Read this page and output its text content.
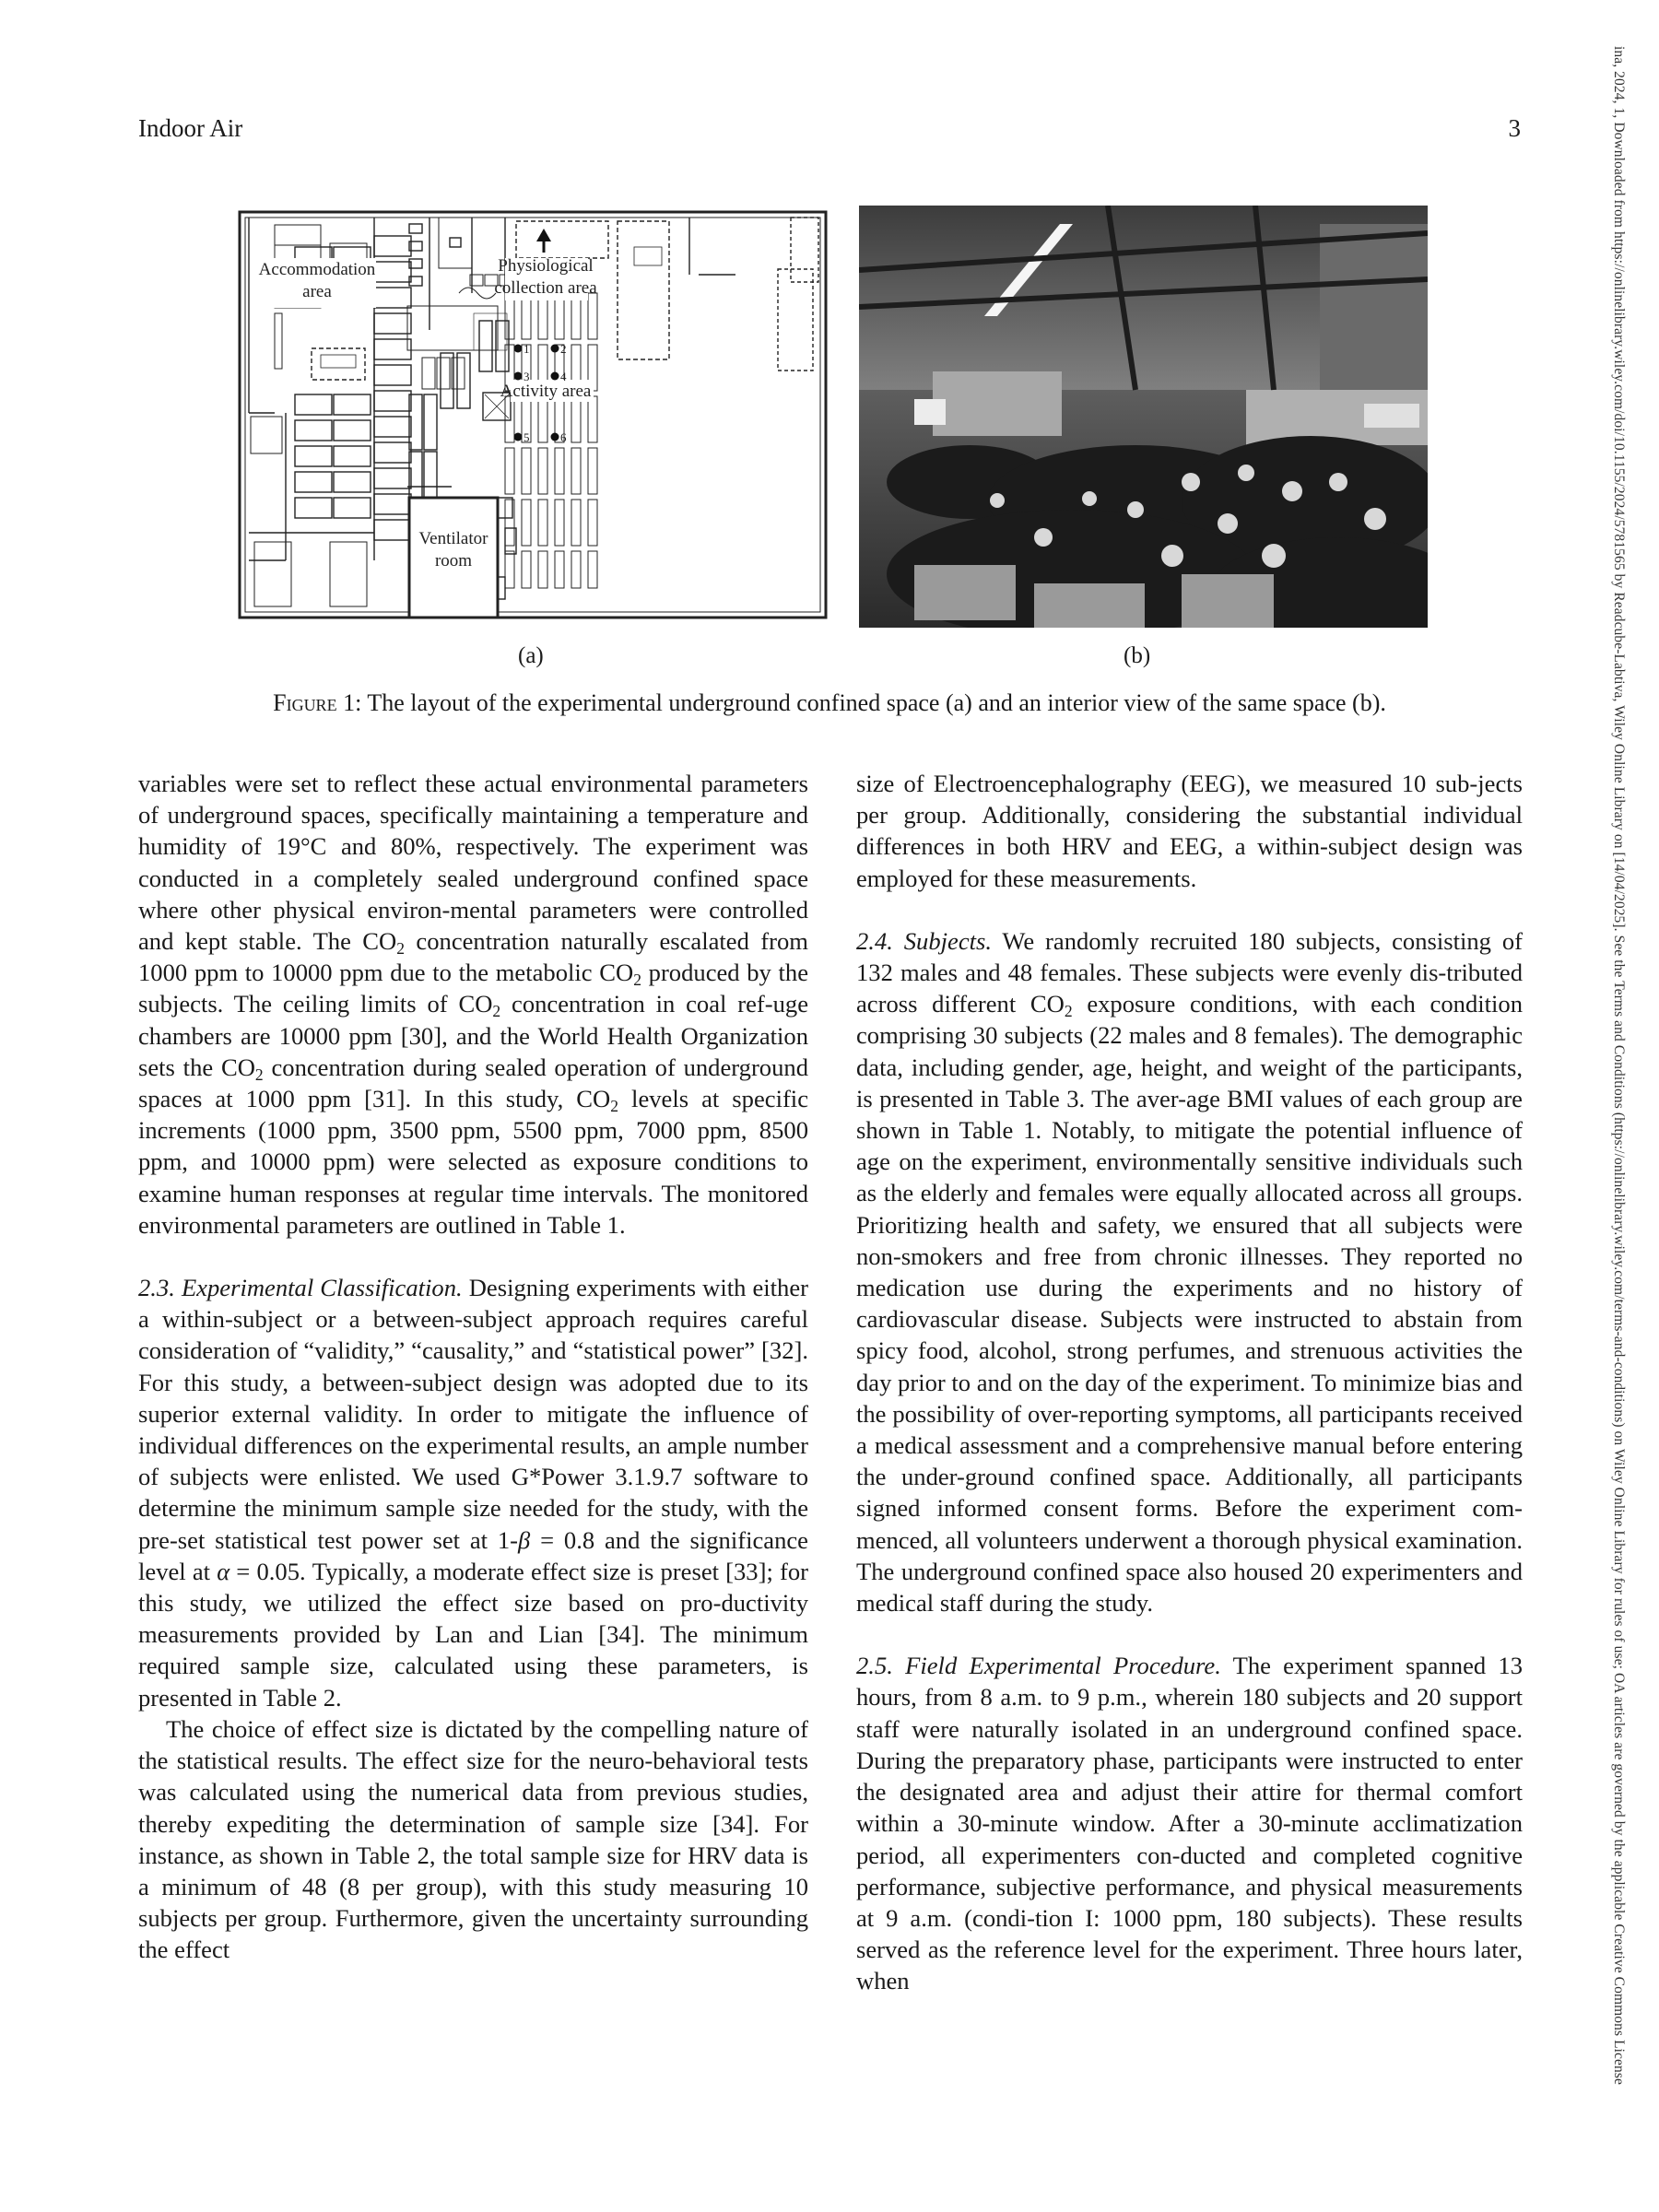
Indoor Air	3	ina, 2024, 1, Downloaded from https://onlinelibrary.wiley.com/doi/10.1155/2024/5781565 by Readcube-Labtiva, Wiley Online Library on [14/04/2025]. See the Terms and Conditions (https://onlinelibrary.wiley.com/terms-and-conditions) on Wiley Online Library for rules of use; OA articles are governed by the applicable Creative Commons License
Ventilator
room
Accommodation
area
Physiological
collection area
Activity area
1	2
3	4
5	6
(a)	(b)
Figure 1: The layout of the experimental underground confined space (a) and an interior view of the same space (b).

variables were set to reflect these actual environmental parameters of underground spaces, specifically maintaining a temperature and humidity of 19°C and 80%, respectively. The experiment was conducted in a completely sealed underground confined space where other physical environ-mental parameters were controlled and kept stable. The $CO_2$ concentration naturally escalated from 1000 ppm to 10000 ppm due to the metabolic $CO_2$ produced by the subjects. The ceiling limits of $CO_2$ concentration in coal ref-uge chambers are 10000 ppm [30], and the World Health Organization sets the $CO_2$ concentration during sealed operation of underground spaces at 1000 ppm [31]. In this study, $CO_2$ levels at specific increments (1000 ppm, 3500 ppm, 5500 ppm, 7000 ppm, 8500 ppm, and 10000 ppm) were selected as exposure conditions to examine human responses at regular time intervals. The monitored environmental parameters are outlined in Table 1.

2.3. Experimental Classification. Designing experiments with either a within-subject or a between-subject approach requires careful consideration of “validity,” “causality,” and “statistical power” [32]. For this study, a between-subject design was adopted due to its superior external validity. In order to mitigate the influence of individual differences on the experimental results, an ample number of subjects were enlisted. We used G*Power 3.1.9.7 software to determine the minimum sample size needed for the study, with the pre-set statistical test power set at 1-β = 0.8 and the significance level at α = 0.05. Typically, a moderate effect size is preset [33]; for this study, we utilized the effect size based on pro-ductivity measurements provided by Lan and Lian [34]. The minimum required sample size, calculated using these parameters, is presented in Table 2.

The choice of effect size is dictated by the compelling nature of the statistical results. The effect size for the neuro-behavioral tests was calculated using the numerical data from previous studies, thereby expediting the determination of sample size [34]. For instance, as shown in Table 2, the total sample size for HRV data is a minimum of 48 (8 per group), with this study measuring 10 subjects per group. Furthermore, given the uncertainty surrounding the effect

size of Electroencephalography (EEG), we measured 10 sub-jects per group. Additionally, considering the substantial individual differences in both HRV and EEG, a within-subject design was employed for these measurements.

2.4. Subjects. We randomly recruited 180 subjects, consisting of 132 males and 48 females. These subjects were evenly dis-tributed across different $CO_2$ exposure conditions, with each condition comprising 30 subjects (22 males and 8 females). The demographic data, including gender, age, height, and weight of the participants, is presented in Table 3. The aver-age BMI values of each group are shown in Table 1. Notably, to mitigate the potential influence of age on the experiment, environmentally sensitive individuals such as the elderly and females were equally allocated across all groups. Prioritizing health and safety, we ensured that all subjects were non-smokers and free from chronic illnesses. They reported no medication use during the experiments and no history of cardiovascular disease. Subjects were instructed to abstain from spicy food, alcohol, strong perfumes, and strenuous activities the day prior to and on the day of the experiment. To minimize bias and the possibility of over-reporting symptoms, all participants received a medical assessment and a comprehensive manual before entering the under-ground confined space. Additionally, all participants signed informed consent forms. Before the experiment com-menced, all volunteers underwent a thorough physical examination. The underground confined space also housed 20 experimenters and medical staff during the study.

2.5. Field Experimental Procedure. The experiment spanned 13 hours, from 8 a.m. to 9 p.m., wherein 180 subjects and 20 support staff were naturally isolated in an underground confined space. During the preparatory phase, participants were instructed to enter the designated area and adjust their attire for thermal comfort within a 30-minute window. After a 30-minute acclimatization period, all experimenters con-ducted and completed cognitive performance, subjective performance, and physical measurements at 9 a.m. (condi-tion I: 1000 ppm, 180 subjects). These results served as the reference level for the experiment. Three hours later, when
